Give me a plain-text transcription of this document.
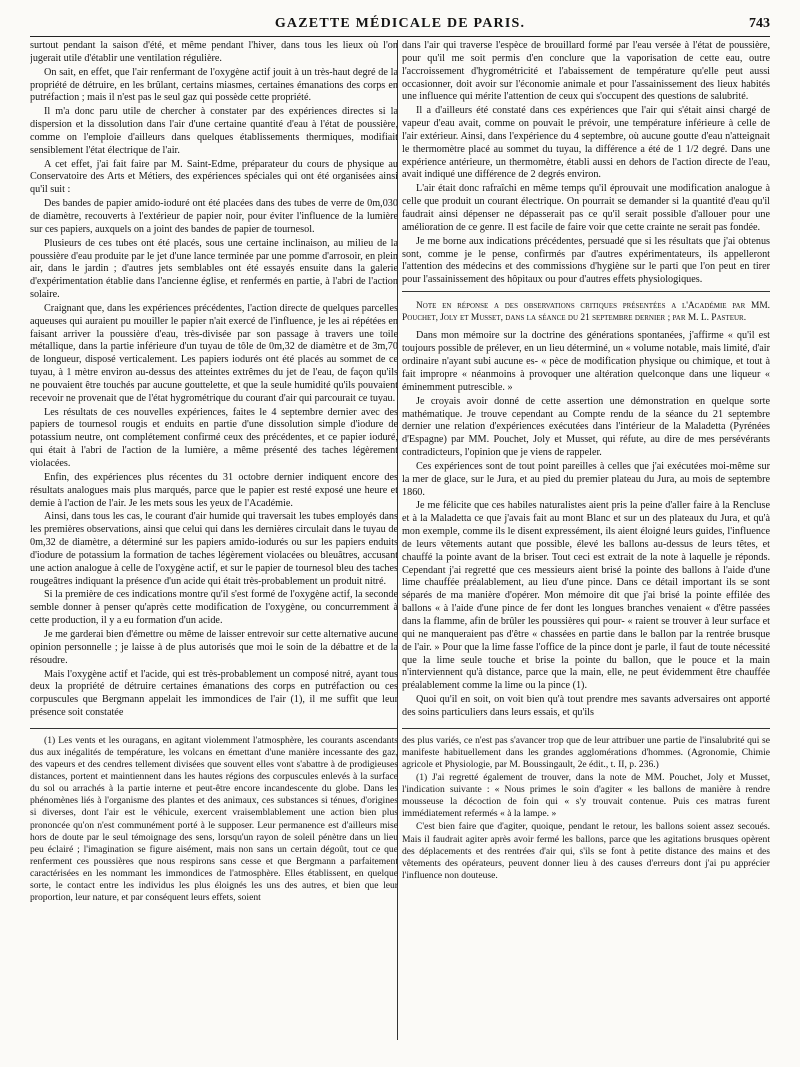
GAZETTE MÉDICALE DE PARIS.	743

surtout pendant la saison d'été, et même pendant l'hiver, dans tous les lieux où l'on jugerait utile d'établir une ventilation régulière.

On sait, en effet, que l'air renfermant de l'oxygène actif jouit à un très-haut degré de la propriété de détruire, en les brûlant, certains miasmes, certaines émanations des corps en putréfaction ; mais il n'est pas le seul gaz qui possède cette propriété.

Il m'a donc paru utile de chercher à constater par des expériences directes si la dispersion et la dissolution dans l'air d'une certaine quantité d'eau à l'état de poussière, comme on l'emploie d'ailleurs dans quelques établissements thermiques, modifiait sensiblement l'état électrique de l'air.

A cet effet, j'ai fait faire par M. Saint-Edme, préparateur du cours de physique au Conservatoire des Arts et Métiers, des expériences spéciales qui ont été organisées ainsi qu'il suit :

Des bandes de papier amido-ioduré ont été placées dans des tubes de verre de 0m,030 de diamètre, recouverts à l'extérieur de papier noir, pour éviter l'influence de la lumière sur ces papiers, auxquels on a joint des bandes de papier de tournesol.

Plusieurs de ces tubes ont été placés, sous une certaine inclinaison, au milieu de la poussière d'eau produite par le jet d'une lance terminée par une pomme d'arrosoir, en plein air, dans le jardin ; d'autres jets semblables ont été essayés ensuite dans la galerie d'expérimentation établie dans l'ancienne église, et renfermés en partie, à l'abri de l'action solaire.

Craignant que, dans les expériences précédentes, l'action directe de quelques parcelles aqueuses qui auraient pu mouiller le papier n'ait exercé de l'influence, je les ai répétées en faisant arriver la poussière d'eau, très-divisée par son passage à travers une toile métallique, dans la partie inférieure d'un tuyau de tôle de 0m,32 de diamètre et de 3m,70 de longueur, disposé verticalement. Les papiers iodurés ont été placés au sommet de ce tuyau, à 1 mètre environ au-dessus des atteintes extrêmes du jet de l'eau, de façon qu'ils ne pouvaient être touchés par aucune gouttelette, et que la seule humidité qu'ils pouvaient recevoir ne provenait que de l'état hygrométrique du courant d'air qui parcourait ce tuyau.

Les résultats de ces nouvelles expériences, faites le 4 septembre dernier avec des papiers de tournesol rougis et enduits en partie d'une dissolution simple d'iodure de potassium neutre, ont complétement confirmé ceux des précédentes, et ce papier ioduré, qui était à l'abri de l'action de la lumière, a même présenté des taches légèrement violacées.

Enfin, des expériences plus récentes du 31 octobre dernier indiquent encore des résultats analogues mais plus marqués, parce que le papier est resté exposé une heure et demie à l'action de l'air. Je les mets sous les yeux de l'Académie.

Ainsi, dans tous les cas, le courant d'air humide qui traversait les tubes employés dans les premières observations, ainsi que celui qui dans les dernières circulait dans le tuyau de 0m,32 de diamètre, a déterminé sur les papiers amido-iodurés ou sur les papiers enduits d'iodure de potassium la formation de taches légèrement violacées ou bleuâtres, accusant une action analogue à celle de l'oxygène actif, et sur le papier de tournesol bleu des taches rougeâtres indiquant la présence d'un acide qui était très-probablement un produit nitré.

Si la première de ces indications montre qu'il s'est formé de l'oxygène actif, la seconde semble donner à penser qu'après cette modification de l'oxygène, ou concurremment à cette production, il y a eu formation d'un acide.

Je me garderai bien d'émettre ou même de laisser entrevoir sur cette alternative aucune opinion personnelle ; je laisse à de plus autorisés que moi le soin de la débattre et de la résoudre.

Mais l'oxygène actif et l'acide, qui est très-probablement un composé nitré, ayant tous deux la propriété de détruire certaines émanations des corps en putréfaction ou ces corpuscules que Bergmann appelait les immondices de l'air (1), il me suffit que leur présence soit constatée

(1) Les vents et les ouragans, en agitant violemment l'atmosphère, les courants ascendants dus aux inégalités de température, les volcans en émettant d'une manière incessante des gaz, des vapeurs et des cendres tellement divisées que souvent elles vont s'abattre à de prodigieuses distances, portent et maintiennent dans les hautes régions des corpuscules enlevés à la surface du sol ou arrachés à la partie interne et peut-être encore incandescente du globe. Dans les phénomènes liés à l'organisme des plantes et des animaux, ces substances si ténues, d'origines si diverses, dont l'air est le véhicule, exercent vraisemblablement une action bien plus prononcée qu'on n'est communément porté à le supposer. Leur permanence est d'ailleurs mise hors de doute par le seul témoignage des sens, lorsqu'un rayon de soleil pénètre dans un lieu peu éclairé ; l'imagination se figure aisément, mais non sans un certain dégoût, tout ce que renferment ces poussières que nous respirons sans cesse et que Bergmann a parfaitement caractérisées en les nommant les immondices de l'atmosphère. Elles établissent, en quelque sorte, le contact entre les individus les plus éloignés les uns des autres, et bien que leur proportion, leur nature, et par conséquent leurs effets, soient

dans l'air qui traverse l'espèce de brouillard formé par l'eau versée à l'état de poussière, pour qu'il me soit permis d'en conclure que la vaporisation de cette eau, outre l'accroissement d'hygrométricité et l'abaissement de température qu'elle peut aussi occasionner, doit avoir sur l'économie animale et pour l'assainissement des lieux habités une influence qui mérite l'attention de ceux qui s'occupent des questions de salubrité.

Il a d'ailleurs été constaté dans ces expériences que l'air qui s'était ainsi chargé de vapeur d'eau avait, comme on pouvait le prévoir, une température inférieure à celle de l'air extérieur. Ainsi, dans l'expérience du 4 septembre, où aucune goutte d'eau n'atteignait le thermomètre placé au sommet du tuyau, la différence a été de 1 1/2 degré. Dans une expérience antérieure, un thermomètre, établi aussi en dehors de l'action directe de l'eau, avait indiqué une différence de 2 degrés environ.

L'air était donc rafraîchi en même temps qu'il éprouvait une modification analogue à celle que produit un courant électrique. On pourrait se demander si la quantité d'eau qu'il faudrait ainsi dépenser ne dépasserait pas ce qu'il serait possible d'allouer pour une amélioration de ce genre. Il est facile de faire voir que cette crainte ne serait pas fondée.

Je me borne aux indications précédentes, persuadé que si les résultats que j'ai obtenus sont, comme je le pense, confirmés par d'autres expérimentateurs, ils appelleront l'attention des médecins et des commissions d'hygiène sur le parti que l'on peut en tirer pour l'assainissement des hôpitaux ou pour d'autres effets physiologiques.

Note en réponse a des observations critiques présentées a l'Académie par MM. Pouchet, Joly et Musset, dans la séance du 21 septembre dernier ; par M. L. Pasteur.

Dans mon mémoire sur la doctrine des générations spontanées, j'affirme « qu'il est toujours possible de prélever, en un lieu déterminé, un « volume notable, mais limité, d'air ordinaire n'ayant subi aucune es- « pèce de modification physique ou chimique, et tout à fait impropre « néanmoins à provoquer une altération quelconque dans une liqueur « éminemment putrescible. »

Je croyais avoir donné de cette assertion une démonstration en quelque sorte mathématique. Je trouve cependant au Compte rendu de la séance du 21 septembre dernier une relation d'expériences exécutées dans l'intérieur de la Maladetta (Pyrénées d'Espagne) par MM. Pouchet, Joly et Musset, qui réfute, au dire de mes persévérants contradicteurs, l'opinion que je viens de rappeler.

Ces expériences sont de tout point pareilles à celles que j'ai exécutées moi-même sur la mer de glace, sur le Jura, et au pied du premier plateau du Jura, au mois de septembre 1860.

Je me félicite que ces habiles naturalistes aient pris la peine d'aller faire à la Rencluse et à la Maladetta ce que j'avais fait au mont Blanc et sur un des plateaux du Jura, et qu'à mon exemple, comme ils le disent expressément, ils aient éloigné leurs guides, l'influence de leurs vêtements autant que possible, élevé les ballons au-dessus de leurs têtes, et chauffé la pointe avant de la briser. Tout ceci est extrait de la note à laquelle je réponds. Cependant j'ai regretté que ces messieurs aient brisé la pointe des ballons à l'aide d'une lime chauffée préalablement, au lieu d'une pince. Dans ce détail important ils se sont séparés de ma manière d'opérer. Mon mémoire dit que j'ai brisé la pointe effilée des ballons « à l'aide d'une pince de fer dont les longues branches venaient « d'être passées dans la flamme, afin de brûler les poussières qui pour- « raient se trouver à leur surface et qui ne manqueraient pas d'être « chassées en partie dans le ballon par la rentrée brusque de l'air. » Pour que la lime fasse l'office de la pince dont je parle, il faut de toute nécessité que la lime seule touche et brise la pointe du ballon, que le pouce et la main n'interviennent qu'à distance, parce que la main, elle, ne peut évidemment être chauffée préalablement comme la lime ou la pince (1).

Quoi qu'il en soit, on voit bien qu'à tout prendre mes savants adversaires ont apporté des soins particuliers dans leurs essais, et qu'ils

des plus variés, ce n'est pas s'avancer trop que de leur attribuer une partie de l'insalubrité qui se manifeste habituellement dans les grandes agglomérations d'hommes. (Agronomie, Chimie agricole et Physiologie, par M. Boussingault, 2e édit., t. II, p. 236.)

(1) J'ai regretté également de trouver, dans la note de MM. Pouchet, Joly et Musset, l'indication suivante : « Nous primes le soin d'agiter « les ballons de manière à rendre mousseuse la décoction de foin qui « s'y trouvait contenue. Puis ces matras furent immédiatement refermés « à la lampe. »

C'est bien faire que d'agiter, quoique, pendant le retour, les ballons soient assez secoués. Mais il faudrait agiter après avoir fermé les ballons, parce que les agitations brusques opèrent des déplacements et des rentrées d'air qui, s'ils se font à petite distance des mains et des vêtements des opérateurs, peuvent donner lieu à des causes d'erreurs dont j'ai pu apprécier l'influence non douteuse.
